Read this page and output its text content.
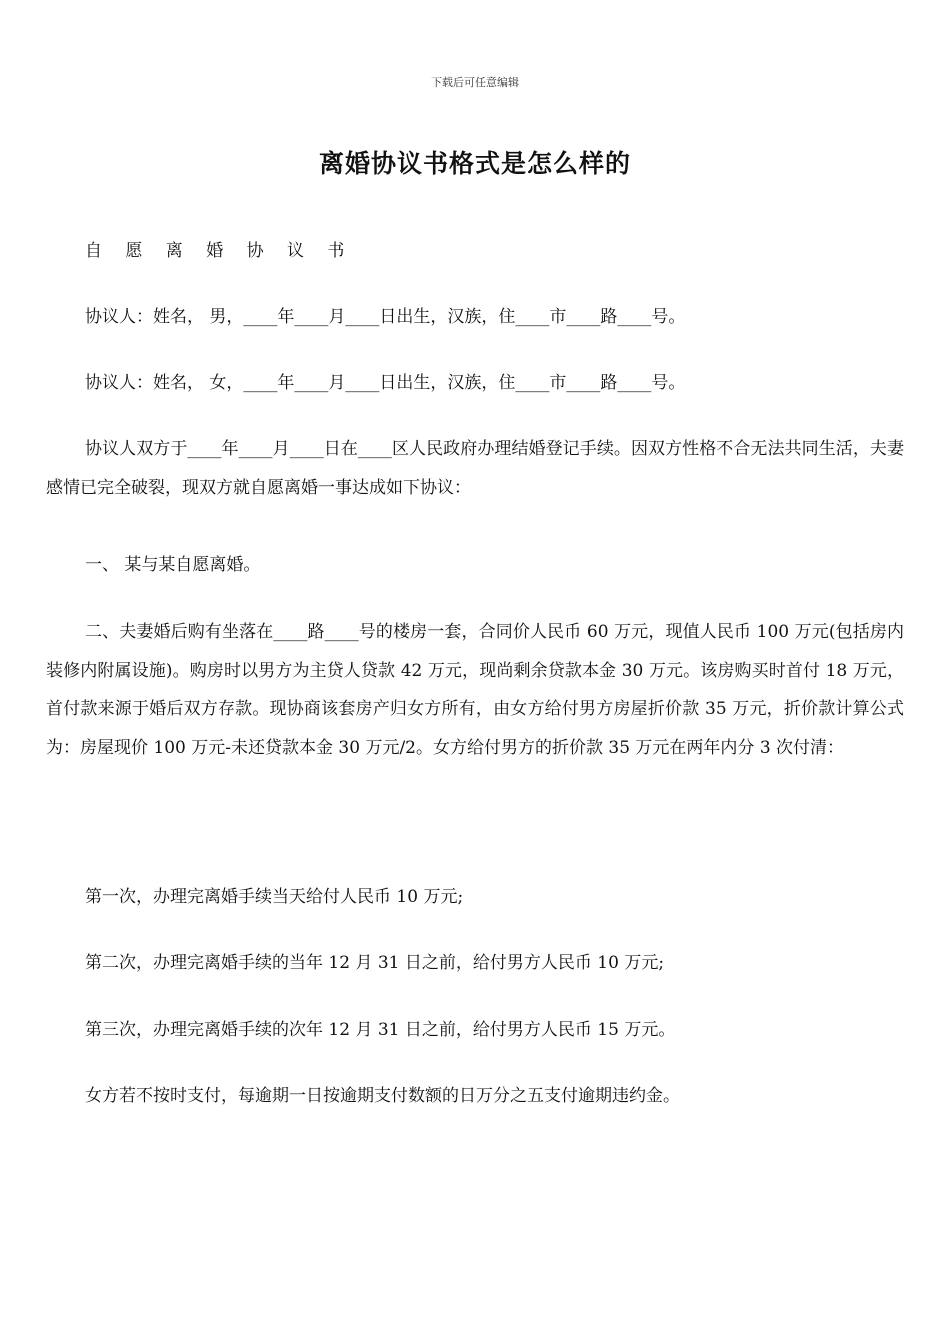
下载后可任意编辑
离婚协议书格式是怎么样的

自 愿 离 婚 协 议 书

协议人：姓名， 男，____年____月____日出生，汉族，住____市____路____号。

协议人：姓名， 女，____年____月____日出生，汉族，住____市____路____号。

协议人双方于____年____月____日在____区人民政府办理结婚登记手续。因双方性格不合无法共同生活，夫妻感情已完全破裂，现双方就自愿离婚一事达成如下协议：

一、 某与某自愿离婚。

二、夫妻婚后购有坐落在____路____号的楼房一套，合同价人民币 60 万元，现值人民币 100 万元(包括房内装修内附属设施)。购房时以男方为主贷人贷款 42 万元，现尚剩余贷款本金 30 万元。该房购买时首付 18 万元，首付款来源于婚后双方存款。现协商该套房产归女方所有，由女方给付男方房屋折价款 35 万元，折价款计算公式为：房屋现价 100 万元-未还贷款本金 30 万元/2。女方给付男方的折价款 35 万元在两年内分 3 次付清：

第一次，办理完离婚手续当天给付人民币 10 万元;

第二次，办理完离婚手续的当年 12 月 31 日之前，给付男方人民币 10 万元;

第三次，办理完离婚手续的次年 12 月 31 日之前，给付男方人民币 15 万元。

女方若不按时支付，每逾期一日按逾期支付数额的日万分之五支付逾期违约金。
